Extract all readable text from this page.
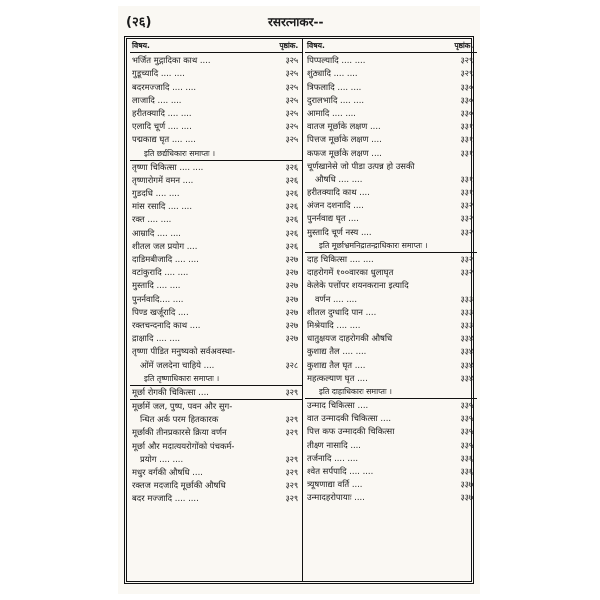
(२६)	रसरत्नाकर--
विषय.	पृष्ठांक.
भर्जित मुद्गादिका काथ ....	३२५
गुडूच्यादि .... ....	३२५
बदरमज्जादि .... ....	३२५
लाजादि .... ....	३२५
हरीतक्यादि .... ....	३२५
एलादि चूर्ण .... ....	३२५
पद्मकाद्य घृत .... ....	३२५
इति छर्द्यधिकारः समाप्तः ।
तृष्णा चिकित्सा .... ....	३२६
तृष्णारोगमें वमन ....	३२६
गुडदधि .... ....	३२६
मांस रसादि .... ....	३२६
रक्त .... ....	३२६
आम्रादि .... ....	३२६
शीतल जल प्रयोग ....	३२६
दाडिमबीजादि .... ....	३२७
वटांकुरादि .... ....	३२७
मुस्तादि .... ....	३२७
पुनर्नवादि.... ....	३२७
पिण्ड खर्जूरादि ....	३२७
रक्तचन्दनादि काथ ....	३२७
द्राक्षादि .... ....	३२७
तृष्णा पीडित मनुष्यको सर्वअवस्था-
ओंमें जलदेना चाहिये ....	३२८
इति तृष्णाधिकारः समाप्तः ।
मूर्छा रोगकी चिकित्सा ....	३२९
मूर्छामें जल, पुष्प, पवन और सुग-
न्धित अर्क परम हितकारक	३२९
मूर्छाकी तीनप्रकारसे क्रिया वर्णन	३२९
मूर्छा और मदात्ययरोगोंको पंचकर्म-
प्रयोग .... ....	३२९
मधुर वर्गकी औषधि ....	३२९
रक्तज मदजादि मूर्छाकी औषधि	३२९
बदर मज्जादि .... ....	३२९
विषय.	पृष्ठांक.
पिप्पल्यादि .... ....	३२९
शुंठ्यादि .... ....	३२९
त्रिफलादि .... ....	३३०
दुरालभादि .... ....	३३०
आमादि .... ....	३३०
वातज मूर्छाके लक्षण ....	३३१
पित्तज मूर्छाके लक्षण ....	३३१
कफज मूर्छाके लक्षण ....	३३१
चूर्णखानेसे जो पीडा उत्पन्न हो उसकी
औषधि .... ....	३३१
हरीतक्यादि काथ ....	३३१
अंजन दशनादि ....	३३२
पुनर्नवाद्य घृत ....	३३२
मुस्तादि चूर्ण नस्य ....	३३२
इति मूर्छाभ्रमनिद्रातन्द्राधिकारः समाप्तः ।
दाह चिकित्सा .... ....	३३२
दाहरोगमें १००वारका धुलाघृत	३३२
केलेके पत्तोंपर शयनकराना इत्यादि
वर्णन .... ....	३३३
शीतल दुग्धादि पान ....	३३३
मिश्रेयादि .... ....	३३३
धातुक्षयज दाहरोगकी औषधि	३३४
कुशाद्य तैल .... ....	३३४
कुशाद्य तैल घृत ....	३३४
महत्कल्याण घृत ....	३३४
इति दाहाधिकारः समाप्तः ।
उन्माद चिकित्सा ....	३३५
वात उन्मादकी चिकित्सा ....	३३५
पित्त कफ उन्मादकी चिकित्सा	३३५
तीक्ष्ण नासादि ....	३३५
तर्जनादि .... ....	३३६
श्वेत सर्पपादि .... ....	३३६
त्र्यूषणाद्या वर्ति ....	३३७
उन्मादहरोपायाः ....	३३७
